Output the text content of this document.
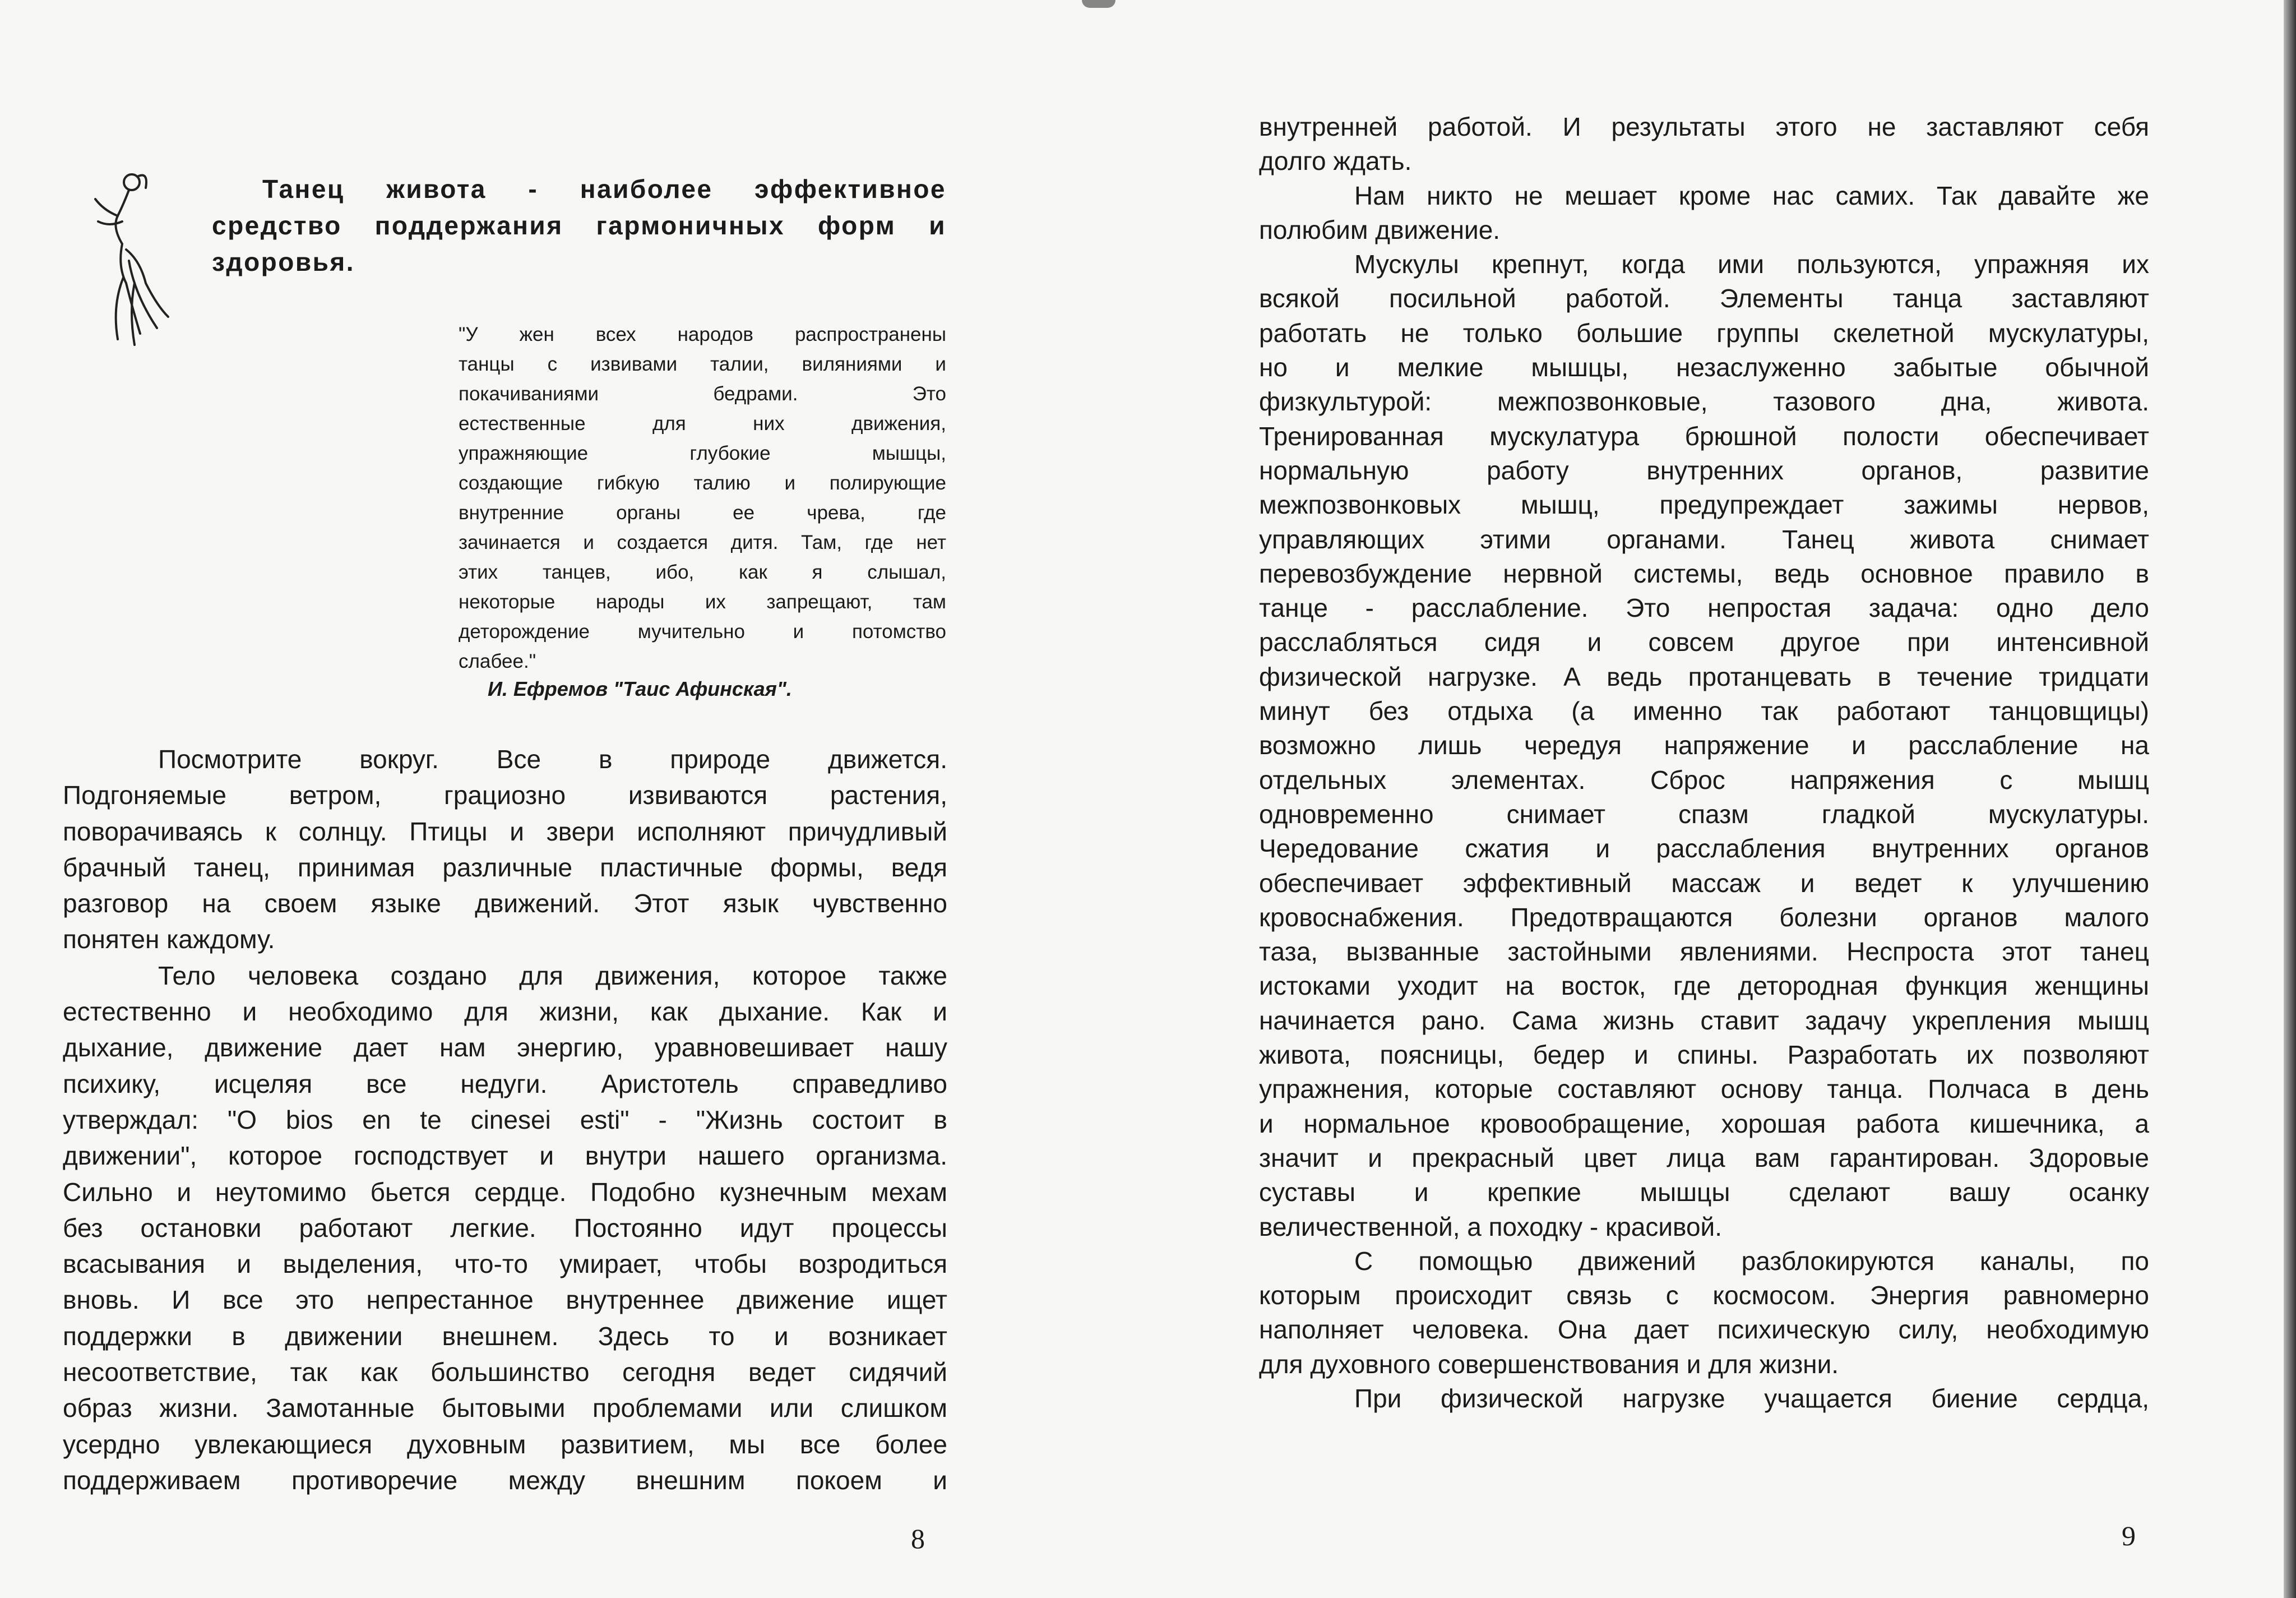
Танец живота - наиболее эффективное
средство поддержания гармоничных форм и
здоровья.
"У жен всех народов распространены
танцы с извивами талии, виляниями и
покачиваниями бедрами. Это
естественные для них движения,
упражняющие глубокие мышцы,
создающие гибкую талию и полирующие
внутренние органы ее чрева, где
зачинается и создается дитя. Там, где нет
этих танцев, ибо, как я слышал,
некоторые народы их запрещают, там
деторождение мучительно и потомство
слабее."
И. Ефремов "Таис Афинская".
Посмотрите вокруг. Все в природе движется.
Подгоняемые ветром, грациозно извиваются растения,
поворачиваясь к солнцу. Птицы и звери исполняют причудливый
брачный танец, принимая различные пластичные формы, ведя
разговор на своем языке движений. Этот язык чувственно
понятен каждому.
Тело человека создано для движения, которое также
естественно и необходимо для жизни, как дыхание. Как и
дыхание, движение дает нам энергию, уравновешивает нашу
психику, исцеляя все недуги. Аристотель справедливо
утверждал: "O bios en te cinesei esti" - "Жизнь состоит в
движении", которое господствует и внутри нашего организма.
Сильно и неутомимо бьется сердце. Подобно кузнечным мехам
без остановки работают легкие. Постоянно идут процессы
всасывания и выделения, что-то умирает, чтобы возродиться
вновь. И все это непрестанное внутреннее движение ищет
поддержки в движении внешнем. Здесь то и возникает
несоответствие, так как большинство сегодня ведет сидячий
образ жизни. Замотанные бытовыми проблемами или слишком
усердно увлекающиеся духовным развитием, мы все более
поддерживаем противоречие между внешним покоем и
внутренней работой. И результаты этого не заставляют себя
долго ждать.
Нам никто не мешает кроме нас самих. Так давайте же
полюбим движение.
Мускулы крепнут, когда ими пользуются, упражняя их
всякой посильной работой. Элементы танца заставляют
работать не только большие группы скелетной мускулатуры,
но и мелкие мышцы, незаслуженно забытые обычной
физкультурой: межпозвонковые, тазового дна, живота.
Тренированная мускулатура брюшной полости обеспечивает
нормальную работу внутренних органов, развитие
межпозвонковых мышц, предупреждает зажимы нервов,
управляющих этими органами. Танец живота снимает
перевозбуждение нервной системы, ведь основное правило в
танце - расслабление. Это непростая задача: одно дело
расслабляться сидя и совсем другое при интенсивной
физической нагрузке. А ведь протанцевать в течение тридцати
минут без отдыха (а именно так работают танцовщицы)
возможно лишь чередуя напряжение и расслабление на
отдельных элементах. Сброс напряжения с мышц
одновременно снимает спазм гладкой мускулатуры.
Чередование сжатия и расслабления внутренних органов
обеспечивает эффективный массаж и ведет к улучшению
кровоснабжения. Предотвращаются болезни органов малого
таза, вызванные застойными явлениями. Неспроста этот танец
истоками уходит на восток, где детородная функция женщины
начинается рано. Сама жизнь ставит задачу укрепления мышц
живота, поясницы, бедер и спины. Разработать их позволяют
упражнения, которые составляют основу танца. Полчаса в день
и нормальное кровообращение, хорошая работа кишечника, а
значит и прекрасный цвет лица вам гарантирован. Здоровые
суставы и крепкие мышцы сделают вашу осанку
величественной, а походку - красивой.
С помощью движений разблокируются каналы, по
которым происходит связь с космосом. Энергия равномерно
наполняет человека. Она дает психическую силу, необходимую
для духовного совершенствования и для жизни.
При физической нагрузке учащается биение сердца,
8	9
